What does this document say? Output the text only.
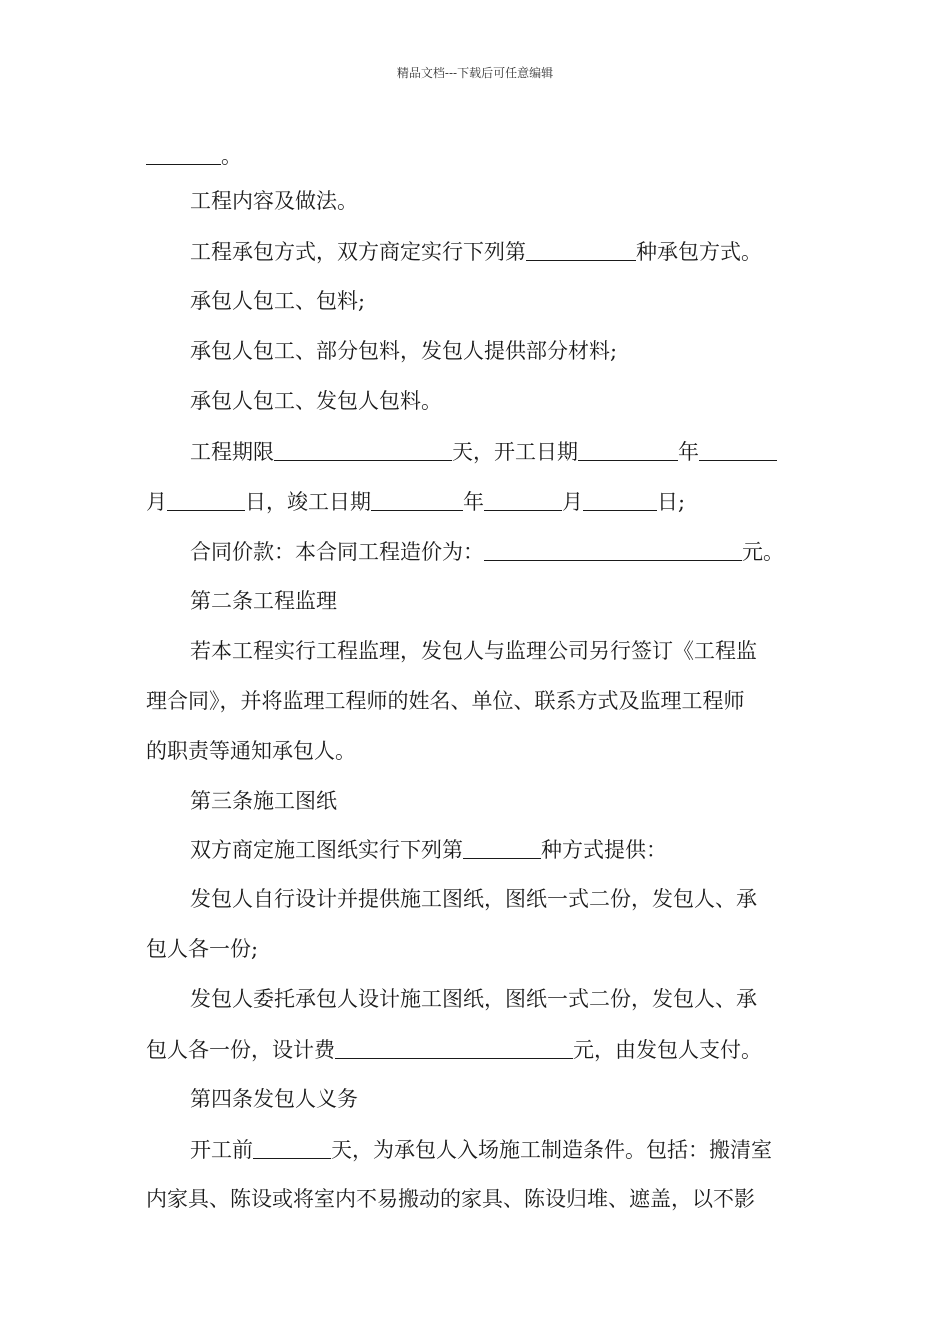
精品文档---下载后可任意编辑
。
工程内容及做法。
工程承包方式，双方商定实行下列第	种承包方式。
承包人包工、包料;
承包人包工、部分包料，发包人提供部分材料;
承包人包工、发包人包料。
工程期限	天，开工日期	年
月	日，竣工日期	年	月	日;
合同价款：本合同工程造价为：	元。
第二条工程监理
若本工程实行工程监理，发包人与监理公司另行签订《工程监
理合同》，并将监理工程师的姓名、单位、联系方式及监理工程师
的职责等通知承包人。
第三条施工图纸
双方商定施工图纸实行下列第	种方式提供：
发包人自行设计并提供施工图纸，图纸一式二份，发包人、承
包人各一份;
发包人委托承包人设计施工图纸，图纸一式二份，发包人、承
包人各一份，设计费	元，由发包人支付。
第四条发包人义务
开工前	天，为承包人入场施工制造条件。包括：搬清室
内家具、陈设或将室内不易搬动的家具、陈设归堆、遮盖，以不影
